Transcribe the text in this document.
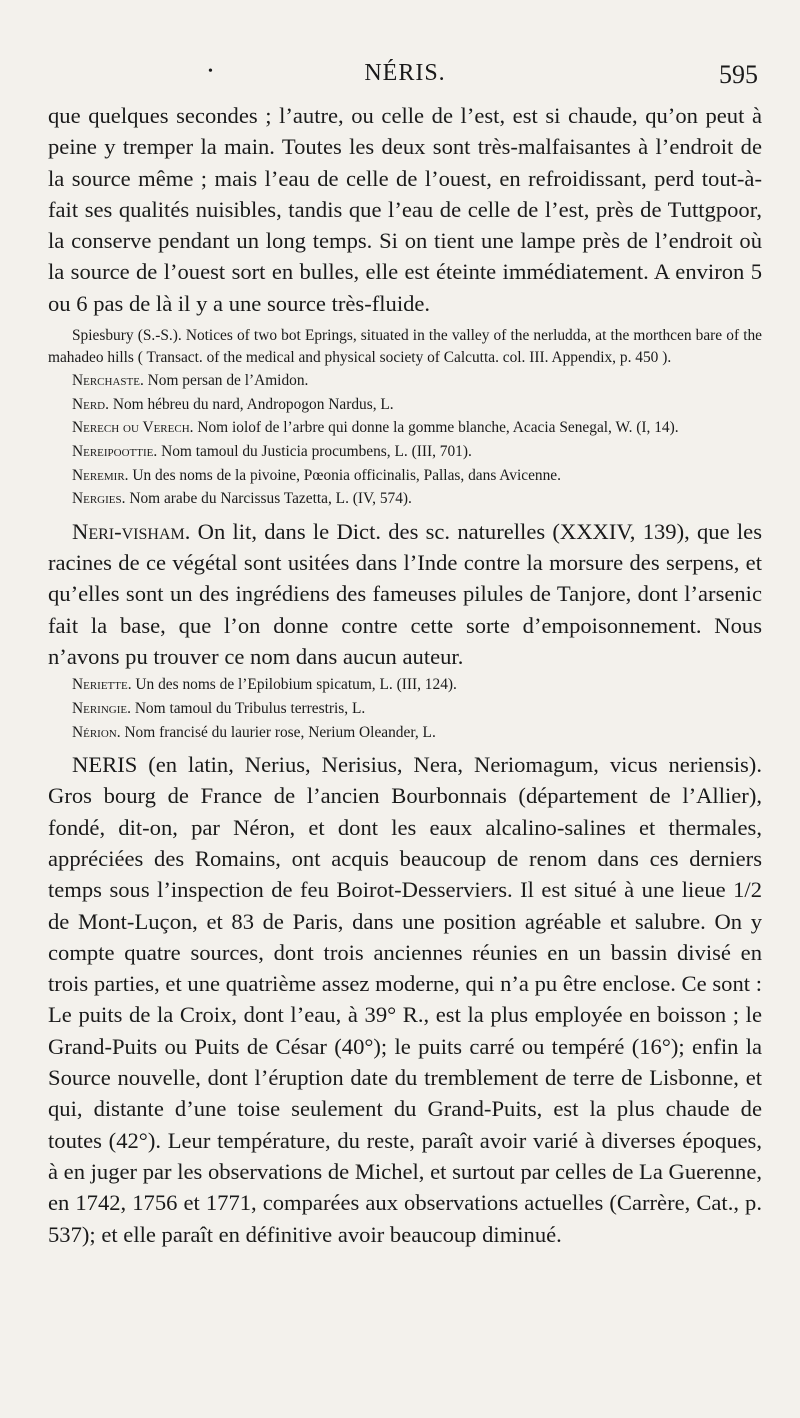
•	NÉRIS.	595

que quelques secondes ; l’autre, ou celle de l’est, est si chaude, qu’on peut à peine y tremper la main. Toutes les deux sont très-malfaisantes à l’endroit de la source même ; mais l’eau de celle de l’ouest, en refroidissant, perd tout-à-fait ses qualités nuisibles, tandis que l’eau de celle de l’est, près de Tuttgpoor, la conserve pendant un long temps. Si on tient une lampe près de l’endroit où la source de l’ouest sort en bulles, elle est éteinte immédiatement. A environ 5 ou 6 pas de là il y a une source très-fluide.

Spiesbury (S.-S.). Notices of two bot Eprings, situated in the valley of the nerludda, at the morthcen bare of the mahadeo hills ( Transact. of the medical and physical society of Calcutta. col. III. Appendix, p. 450 ).

Nerchaste. Nom persan de l’Amidon.

Nerd. Nom hébreu du nard, Andropogon Nardus, L.

Nerech ou Verech. Nom iolof de l’arbre qui donne la gomme blanche, Acacia Senegal, W. (I, 14).

Nereipoottie. Nom tamoul du Justicia procumbens, L. (III, 701).

Neremir. Un des noms de la pivoine, Pœonia officinalis, Pallas, dans Avicenne.

Nergies. Nom arabe du Narcissus Tazetta, L. (IV, 574).

Neri-visham. On lit, dans le Dict. des sc. naturelles (XXXIV, 139), que les racines de ce végétal sont usitées dans l’Inde contre la morsure des serpens, et qu’elles sont un des ingrédiens des fameuses pilules de Tanjore, dont l’arsenic fait la base, que l’on donne contre cette sorte d’empoisonnement. Nous n’avons pu trouver ce nom dans aucun auteur.

Neriette. Un des noms de l’Epilobium spicatum, L. (III, 124).

Neringie. Nom tamoul du Tribulus terrestris, L.

Nérion. Nom francisé du laurier rose, Nerium Oleander, L.

NERIS (en latin, Nerius, Nerisius, Nera, Neriomagum, vicus neriensis). Gros bourg de France de l’ancien Bourbonnais (département de l’Allier), fondé, dit-on, par Néron, et dont les eaux alcalino-salines et thermales, appréciées des Romains, ont acquis beaucoup de renom dans ces derniers temps sous l’inspection de feu Boirot-Desserviers. Il est situé à une lieue 1/2 de Mont-Luçon, et 83 de Paris, dans une position agréable et salubre. On y compte quatre sources, dont trois anciennes réunies en un bassin divisé en trois parties, et une quatrième assez moderne, qui n’a pu être enclose. Ce sont : Le puits de la Croix, dont l’eau, à 39° R., est la plus employée en boisson ; le Grand-Puits ou Puits de César (40°); le puits carré ou tempéré (16°); enfin la Source nouvelle, dont l’éruption date du tremblement de terre de Lisbonne, et qui, distante d’une toise seulement du Grand-Puits, est la plus chaude de toutes (42°). Leur température, du reste, paraît avoir varié à diverses époques, à en juger par les observations de Michel, et surtout par celles de La Guerenne, en 1742, 1756 et 1771, comparées aux observations actuelles (Carrère, Cat., p. 537); et elle paraît en définitive avoir beaucoup diminué.
